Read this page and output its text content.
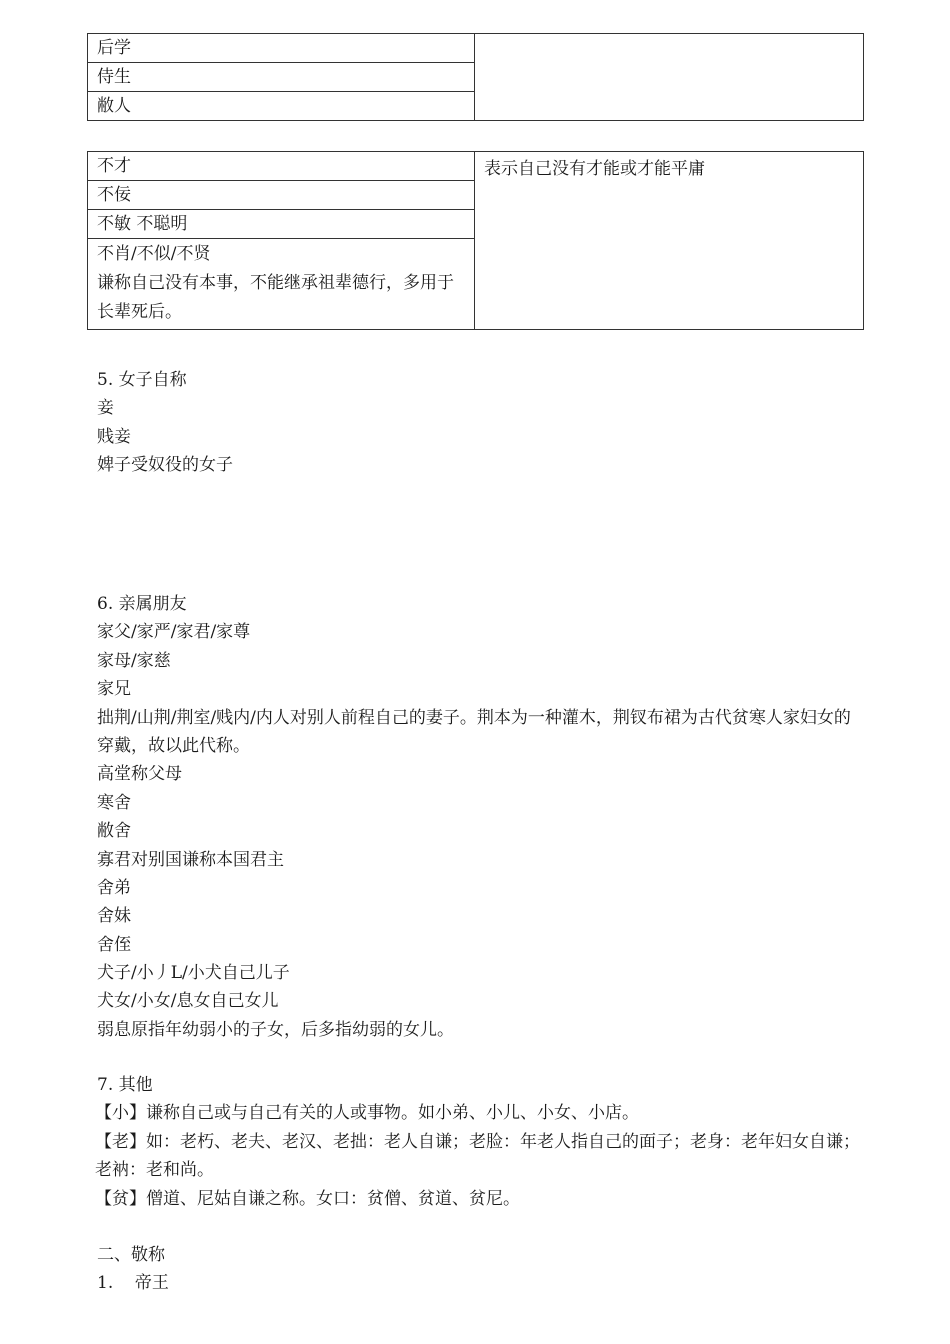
后学

侍生

敝人
不才	表示自己没有才能或才能平庸

不佞

不敏 不聪明

不肖/不似/不贤
谦称自己没有本事，不能继承祖辈德行，多用于长辈死后。
5. 女子自称
妾
贱妾
婢子受奴役的女子
6. 亲属朋友
家父/家严/家君/家尊
家母/家慈
家兄
拙荆/山荆/荆室/贱内/内人对别人前程自己的妻子。荆本为一种灌木，荆钗布裙为古代贫寒人家妇女的穿戴，故以此代称。
高堂称父母
寒舍
敝舍
寡君对别国谦称本国君主
舍弟
舍妹
舍侄
犬子/小丿L/小犬自己儿子
犬女/小女/息女自己女儿
弱息原指年幼弱小的子女，后多指幼弱的女儿。
7. 其他
【小】谦称自己或与自己有关的人或事物。如小弟、小儿、小女、小店。
【老】如：老朽、老夫、老汉、老拙：老人自谦；老脸：年老人指自己的面子；老身：老年妇女自谦；老衲：老和尚。
【贫】僧道、尼姑自谦之称。女口：贫僧、贫道、贫尼。
二、敬称
1.    帝王
